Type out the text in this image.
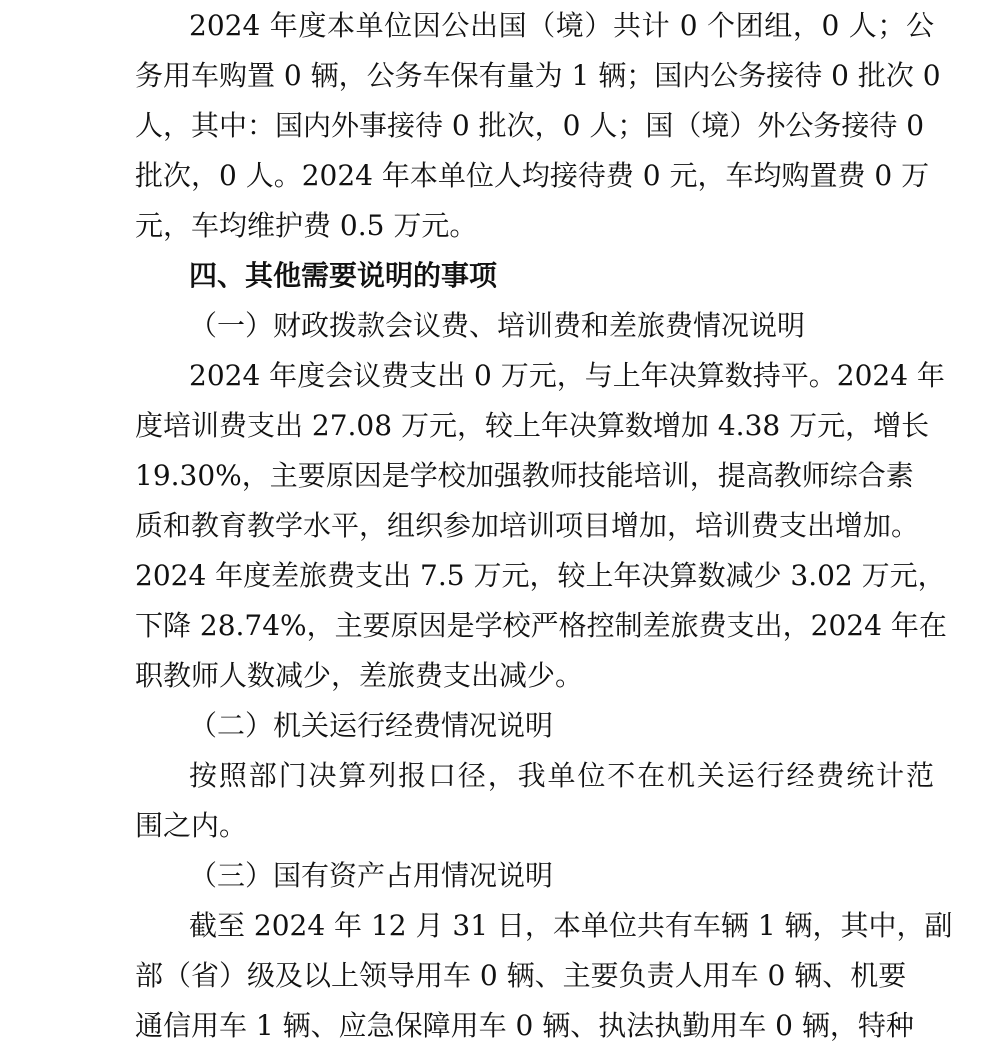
2024 年度本单位因公出国（境）共计 0 个团组，0 人；公
务用车购置 0 辆，公务车保有量为 1 辆；国内公务接待 0 批次 0
人，其中：国内外事接待 0 批次，0 人；国（境）外公务接待 0
批次，0 人。2024 年本单位人均接待费 0 元，车均购置费 0 万
元，车均维护费 0.5 万元。
四、其他需要说明的事项
（一）财政拨款会议费、培训费和差旅费情况说明
2024 年度会议费支出 0 万元，与上年决算数持平。2024 年
度培训费支出 27.08 万元，较上年决算数增加 4.38 万元，增长
19.30%，主要原因是学校加强教师技能培训，提高教师综合素
质和教育教学水平，组织参加培训项目增加，培训费支出增加。
2024 年度差旅费支出 7.5 万元，较上年决算数减少 3.02 万元，
下降 28.74%，主要原因是学校严格控制差旅费支出，2024 年在
职教师人数减少，差旅费支出减少。
（二）机关运行经费情况说明
按照部门决算列报口径，我单位不在机关运行经费统计范
围之内。
（三）国有资产占用情况说明
截至 2024 年 12 月 31 日，本单位共有车辆 1 辆，其中，副
部（省）级及以上领导用车 0 辆、主要负责人用车 0 辆、机要
通信用车 1 辆、应急保障用车 0 辆、执法执勤用车 0 辆，特种
